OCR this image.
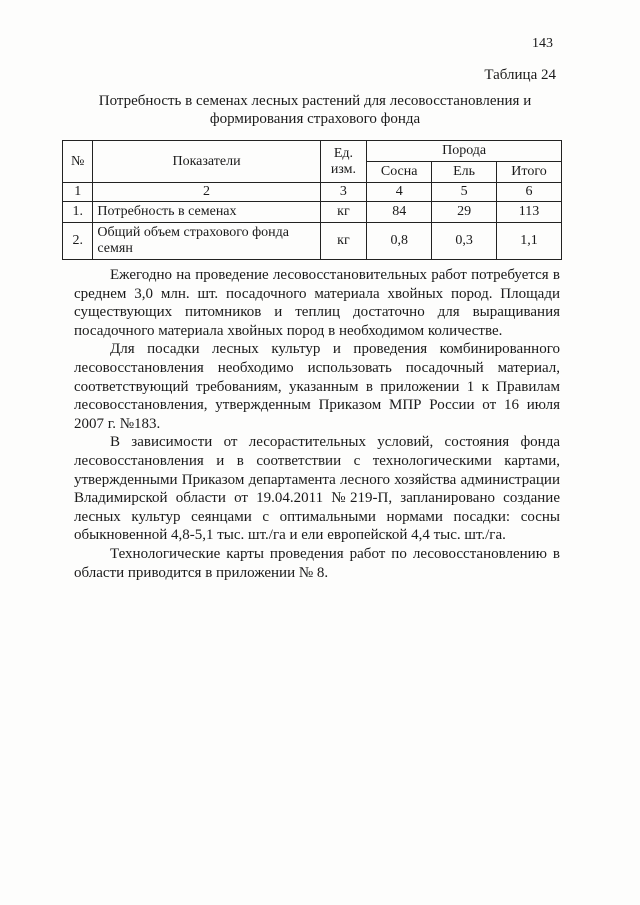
143
Таблица 24
Потребность в семенах лесных растений для лесовосстановления и формирования страхового фонда
№	Показатели	Ед. изм.	Порода		
			Сосна	Ель	Итого
1	2	3	4	5	6
1.	Потребность в семенах	кг	84	29	113
2.	Общий объем страхового фонда семян	кг	0,8	0,3	1,1

Ежегодно на проведение лесовосстановительных работ потребуется в среднем 3,0 млн. шт. посадочного материала хвойных пород. Площади существующих питомников и теплиц достаточно для выращивания посадочного материала хвойных пород в необходимом количестве.

Для посадки лесных культур и проведения комбинированного лесовосстановления необходимо использовать посадочный материал, соответствующий требованиям, указанным в приложении 1 к Правилам лесовосстановления, утвержденным Приказом МПР России от 16 июля 2007 г. №183.

В зависимости от лесорастительных условий, состояния фонда лесовосстановления и в соответствии с технологическими картами, утвержденными Приказом департамента лесного хозяйства администрации Владимирской области от 19.04.2011 №219-П, запланировано создание лесных культур сеянцами с оптимальными нормами посадки: сосны обыкновенной 4,8-5,1 тыс. шт./га и ели европейской 4,4 тыс. шт./га.

Технологические карты проведения работ по лесовосстановлению в области приводится в приложении № 8.
